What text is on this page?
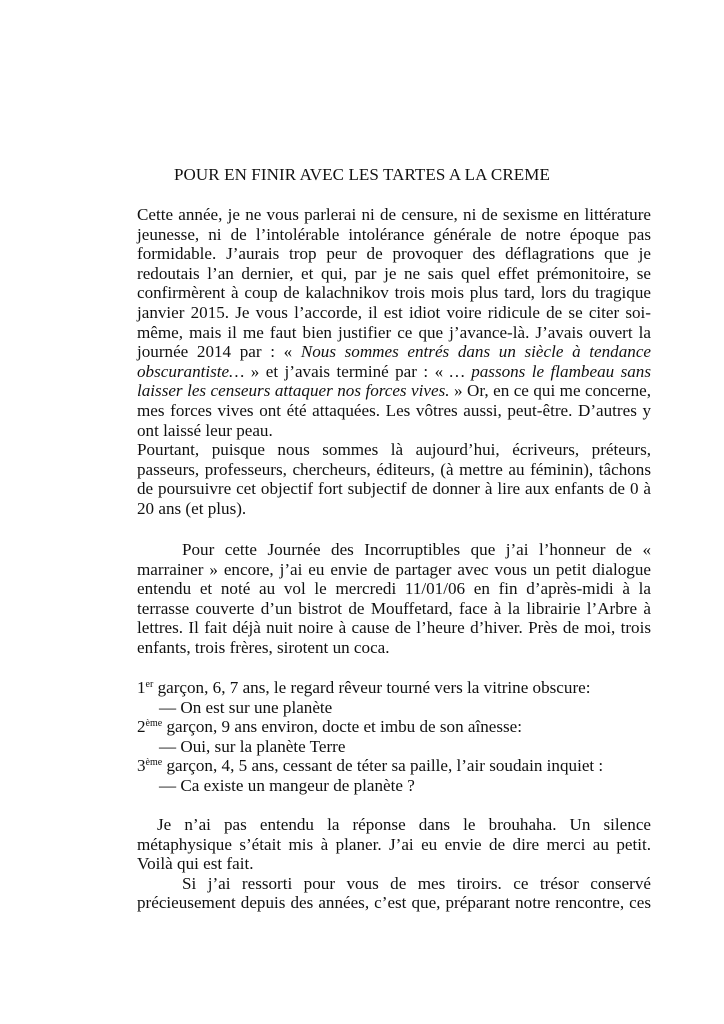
POUR EN FINIR AVEC LES TARTES A LA CREME

Cette année, je ne vous parlerai ni de censure, ni de sexisme en littérature jeunesse, ni de l’intolérable intolérance générale de notre époque pas formidable. J’aurais trop peur de provoquer des déflagrations que je redoutais l’an dernier, et qui, par je ne sais quel effet prémonitoire, se confirmèrent à coup de kalachnikov trois mois plus tard, lors du tragique janvier 2015. Je vous l’accorde, il est idiot voire ridicule de se citer soi-même, mais il me faut bien justifier ce que j’avance-là. J’avais ouvert la journée 2014 par : « Nous sommes entrés dans un siècle à tendance obscurantiste… » et j’avais terminé par : « … passons le flambeau sans laisser les censeurs attaquer nos forces vives. » Or, en ce qui me concerne, mes forces vives ont été attaquées. Les vôtres aussi, peut-être. D’autres y ont laissé leur peau.

Pourtant, puisque nous sommes là aujourd’hui, écriveurs, préteurs, passeurs, professeurs, chercheurs, éditeurs, (à mettre au féminin), tâchons de poursuivre cet objectif fort subjectif de donner à lire aux enfants de 0 à 20 ans (et plus).

Pour cette Journée des Incorruptibles que j’ai l’honneur de « marrainer » encore, j’ai eu envie de partager avec vous un petit dialogue entendu et noté au vol le mercredi 11/01/06 en fin d’après-midi à la terrasse couverte d’un bistrot de Mouffetard, face à la librairie l’Arbre à lettres. Il fait déjà nuit noire à cause de l’heure d’hiver. Près de moi, trois enfants, trois frères, sirotent un coca.

1er garçon, 6, 7 ans, le regard rêveur tourné vers la vitrine obscure:

— On est sur une planète

2ème garçon, 9 ans environ, docte et imbu de son aînesse:

— Oui, sur la planète Terre

3ème garçon, 4, 5 ans, cessant de téter sa paille, l’air soudain inquiet :

— Ca existe un mangeur de planète ?

Je n’ai pas entendu la réponse dans le brouhaha. Un silence métaphysique s’était mis à planer. J’ai eu envie de dire merci au petit. Voilà qui est fait.

Si j’ai ressorti pour vous de mes tiroirs. ce trésor conservé précieusement depuis des années, c’est que, préparant notre rencontre, ces
